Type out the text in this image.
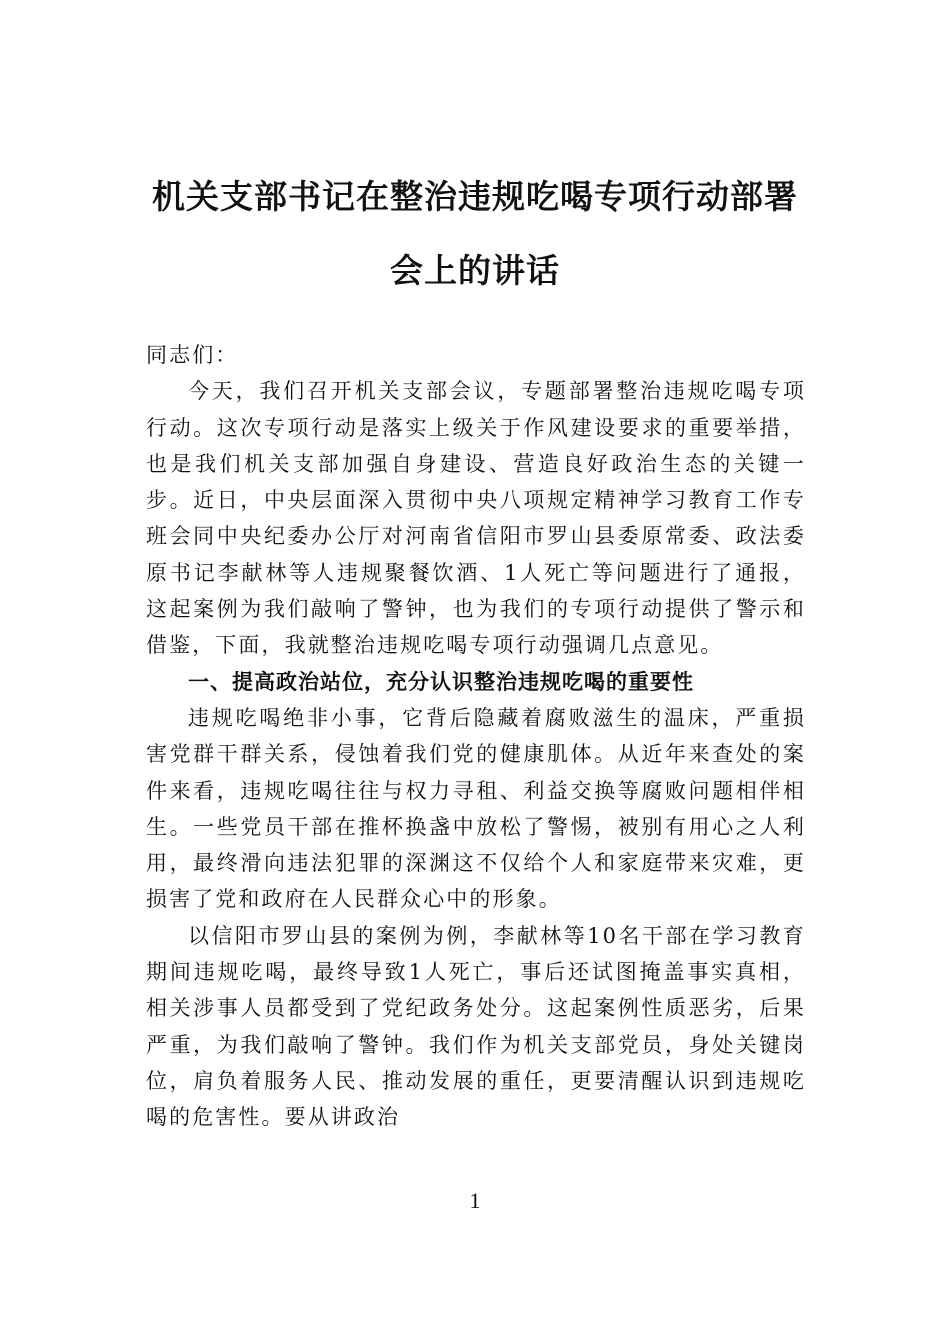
机关支部书记在整治违规吃喝专项行动部署会上的讲话

同志们：

今天，我们召开机关支部会议，专题部署整治违规吃喝专项行动。这次专项行动是落实上级关于作风建设要求的重要举措，也是我们机关支部加强自身建设、营造良好政治生态的关键一步。近日，中央层面深入贯彻中央八项规定精神学习教育工作专班会同中央纪委办公厅对河南省信阳市罗山县委原常委、政法委原书记李献林等人违规聚餐饮酒、1人死亡等问题进行了通报，这起案例为我们敲响了警钟，也为我们的专项行动提供了警示和借鉴，下面，我就整治违规吃喝专项行动强调几点意见。

一、提高政治站位，充分认识整治违规吃喝的重要性

违规吃喝绝非小事，它背后隐藏着腐败滋生的温床，严重损害党群干群关系，侵蚀着我们党的健康肌体。从近年来查处的案件来看，违规吃喝往往与权力寻租、利益交换等腐败问题相伴相生。一些党员干部在推杯换盏中放松了警惕，被别有用心之人利用，最终滑向违法犯罪的深渊这不仅给个人和家庭带来灾难，更损害了党和政府在人民群众心中的形象。

以信阳市罗山县的案例为例，李献林等10名干部在学习教育期间违规吃喝，最终导致1人死亡，事后还试图掩盖事实真相，相关涉事人员都受到了党纪政务处分。这起案例性质恶劣，后果严重，为我们敲响了警钟。我们作为机关支部党员，身处关键岗位，肩负着服务人民、推动发展的重任，更要清醒认识到违规吃喝的危害性。要从讲政治

1
